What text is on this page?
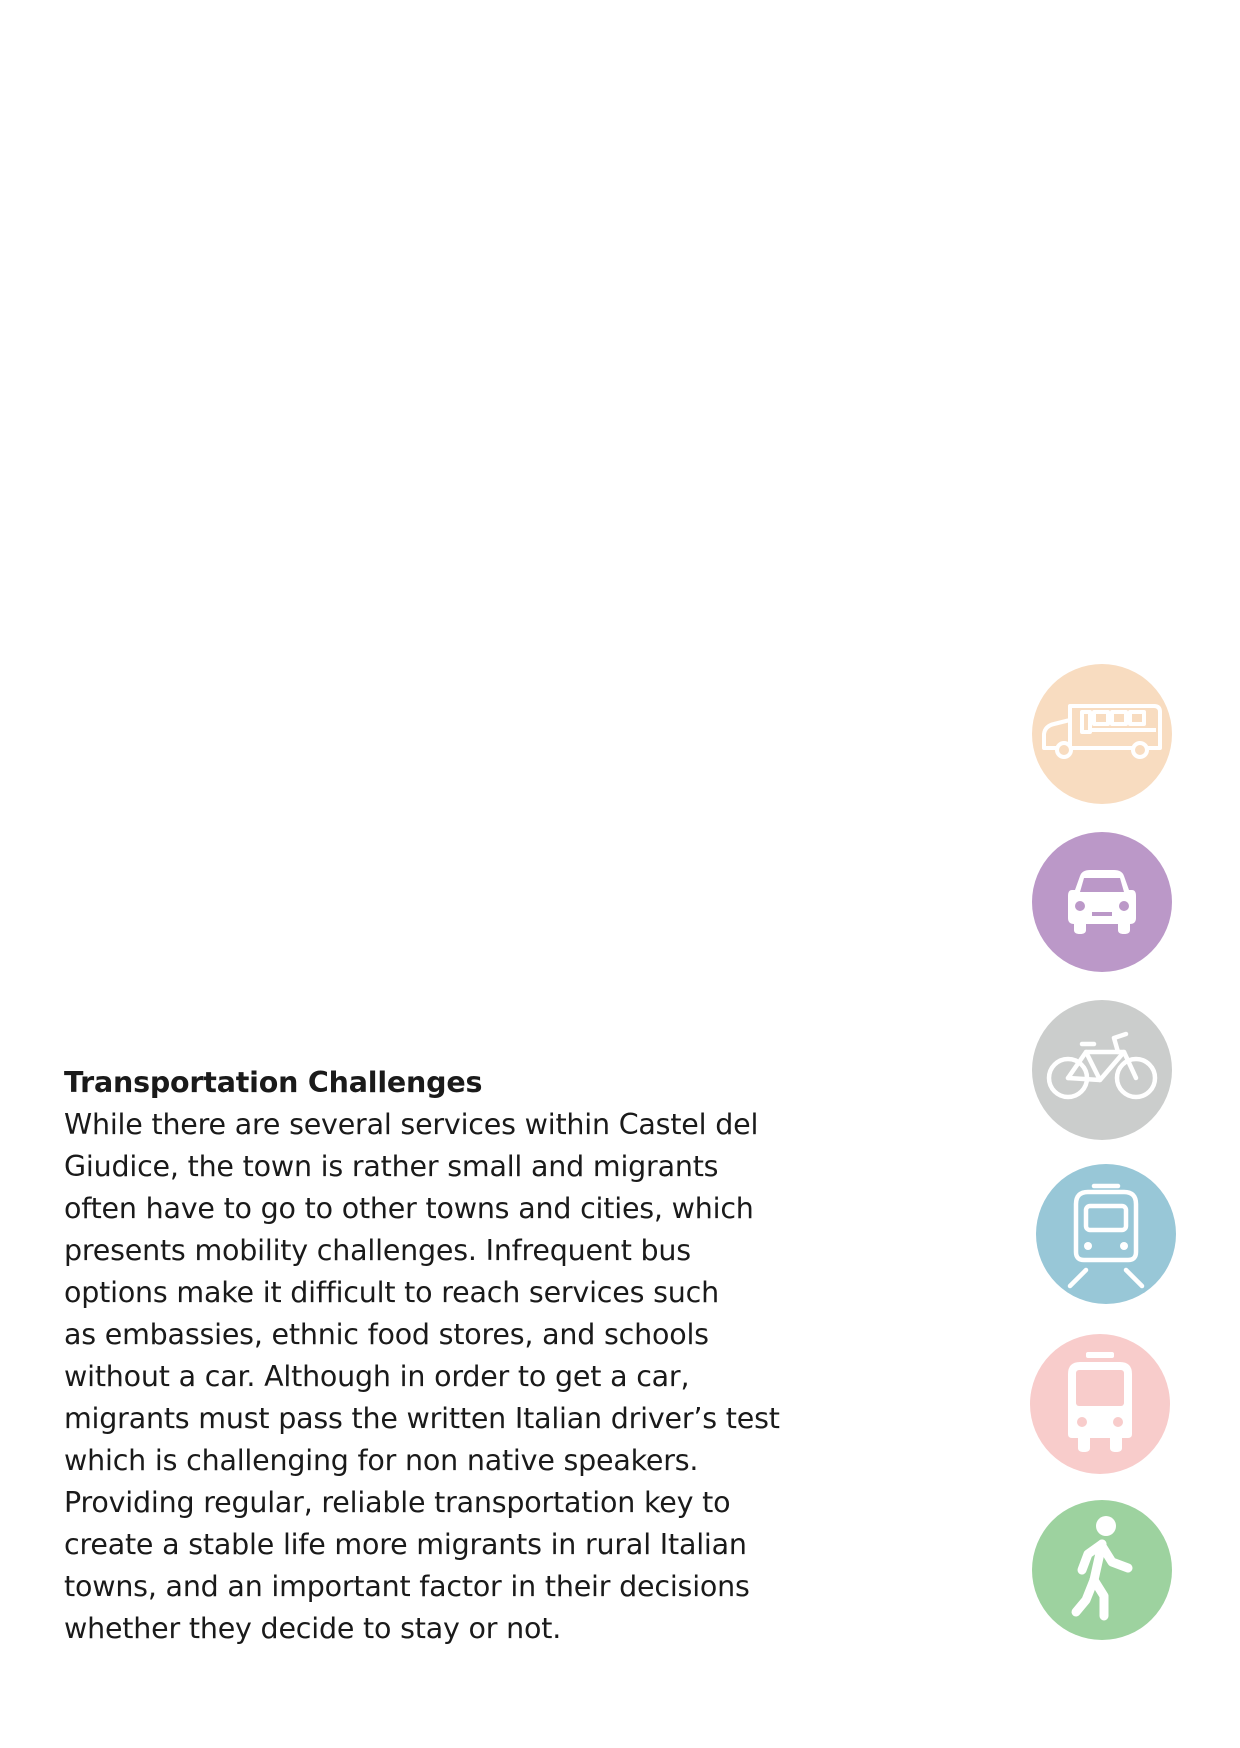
Transportation Challenges
While there are several services within Castel del
Giudice, the town is rather small and migrants
often have to go to other towns and cities, which
presents mobility challenges. Infrequent bus
options make it difficult to reach services such
as embassies, ethnic food stores, and schools
without a car. Although in order to get a car,
migrants must pass the written Italian driver’s test
which is challenging for non native speakers.
Providing regular, reliable transportation key to
create a stable life more migrants in rural Italian
towns, and an important factor in their decisions
whether they decide to stay or not.
